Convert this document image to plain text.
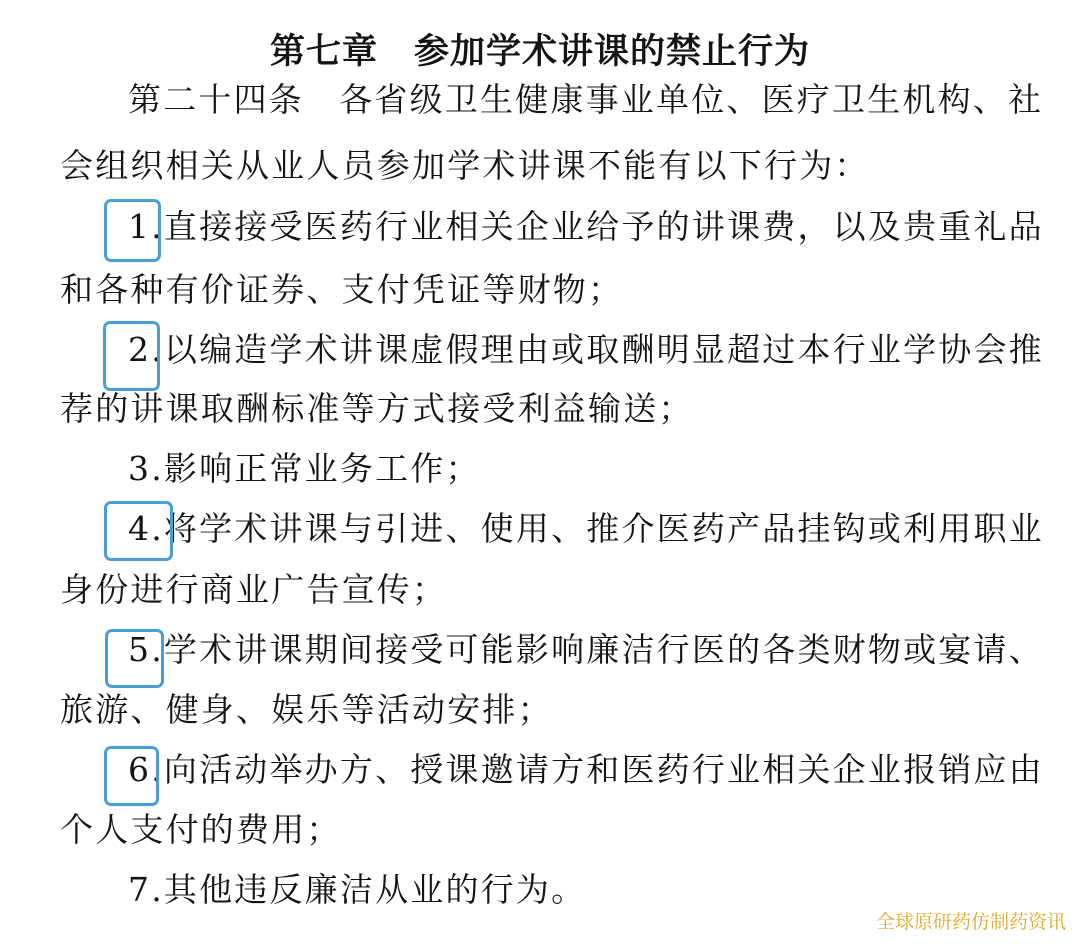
第七章　参加学术讲课的禁止行为
第二十四条　各省级卫生健康事业单位、医疗卫生机构、社
会组织相关从业人员参加学术讲课不能有以下行为：
1.直接接受医药行业相关企业给予的讲课费，以及贵重礼品
和各种有价证券、支付凭证等财物；
2.以编造学术讲课虚假理由或取酬明显超过本行业学协会推
荐的讲课取酬标准等方式接受利益输送；
3.影响正常业务工作；
4.将学术讲课与引进、使用、推介医药产品挂钩或利用职业
身份进行商业广告宣传；
5.学术讲课期间接受可能影响廉洁行医的各类财物或宴请、
旅游、健身、娱乐等活动安排；
6.向活动举办方、授课邀请方和医药行业相关企业报销应由
个人支付的费用；
7.其他违反廉洁从业的行为。
全球原研药仿制药资讯
